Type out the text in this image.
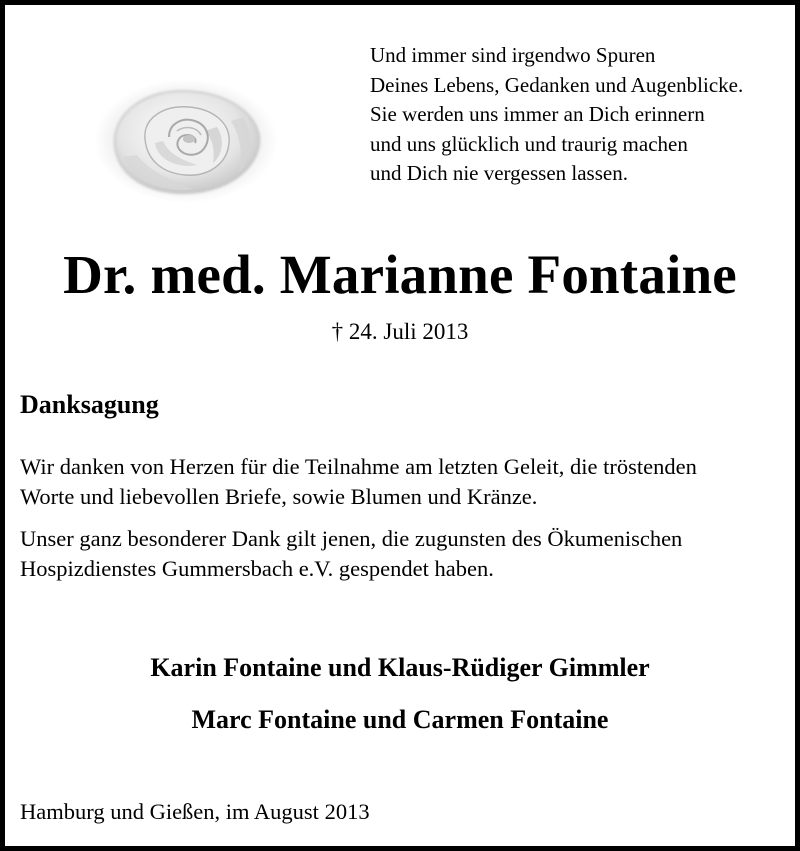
Und immer sind irgendwo Spuren
Deines Lebens, Gedanken und Augenblicke.
Sie werden uns immer an Dich erinnern
und uns glücklich und traurig machen
und Dich nie vergessen lassen.
Dr. med. Marianne Fontaine
† 24. Juli 2013
Danksagung
Wir danken von Herzen für die Teilnahme am letzten Geleit, die tröstenden
Worte und liebevollen Briefe, sowie Blumen und Kränze.
Unser ganz besonderer Dank gilt jenen, die zugunsten des Ökumenischen
Hospizdienstes Gummersbach e.V. gespendet haben.
Karin Fontaine und Klaus-Rüdiger Gimmler
Marc Fontaine und Carmen Fontaine
Hamburg und Gießen, im August 2013
